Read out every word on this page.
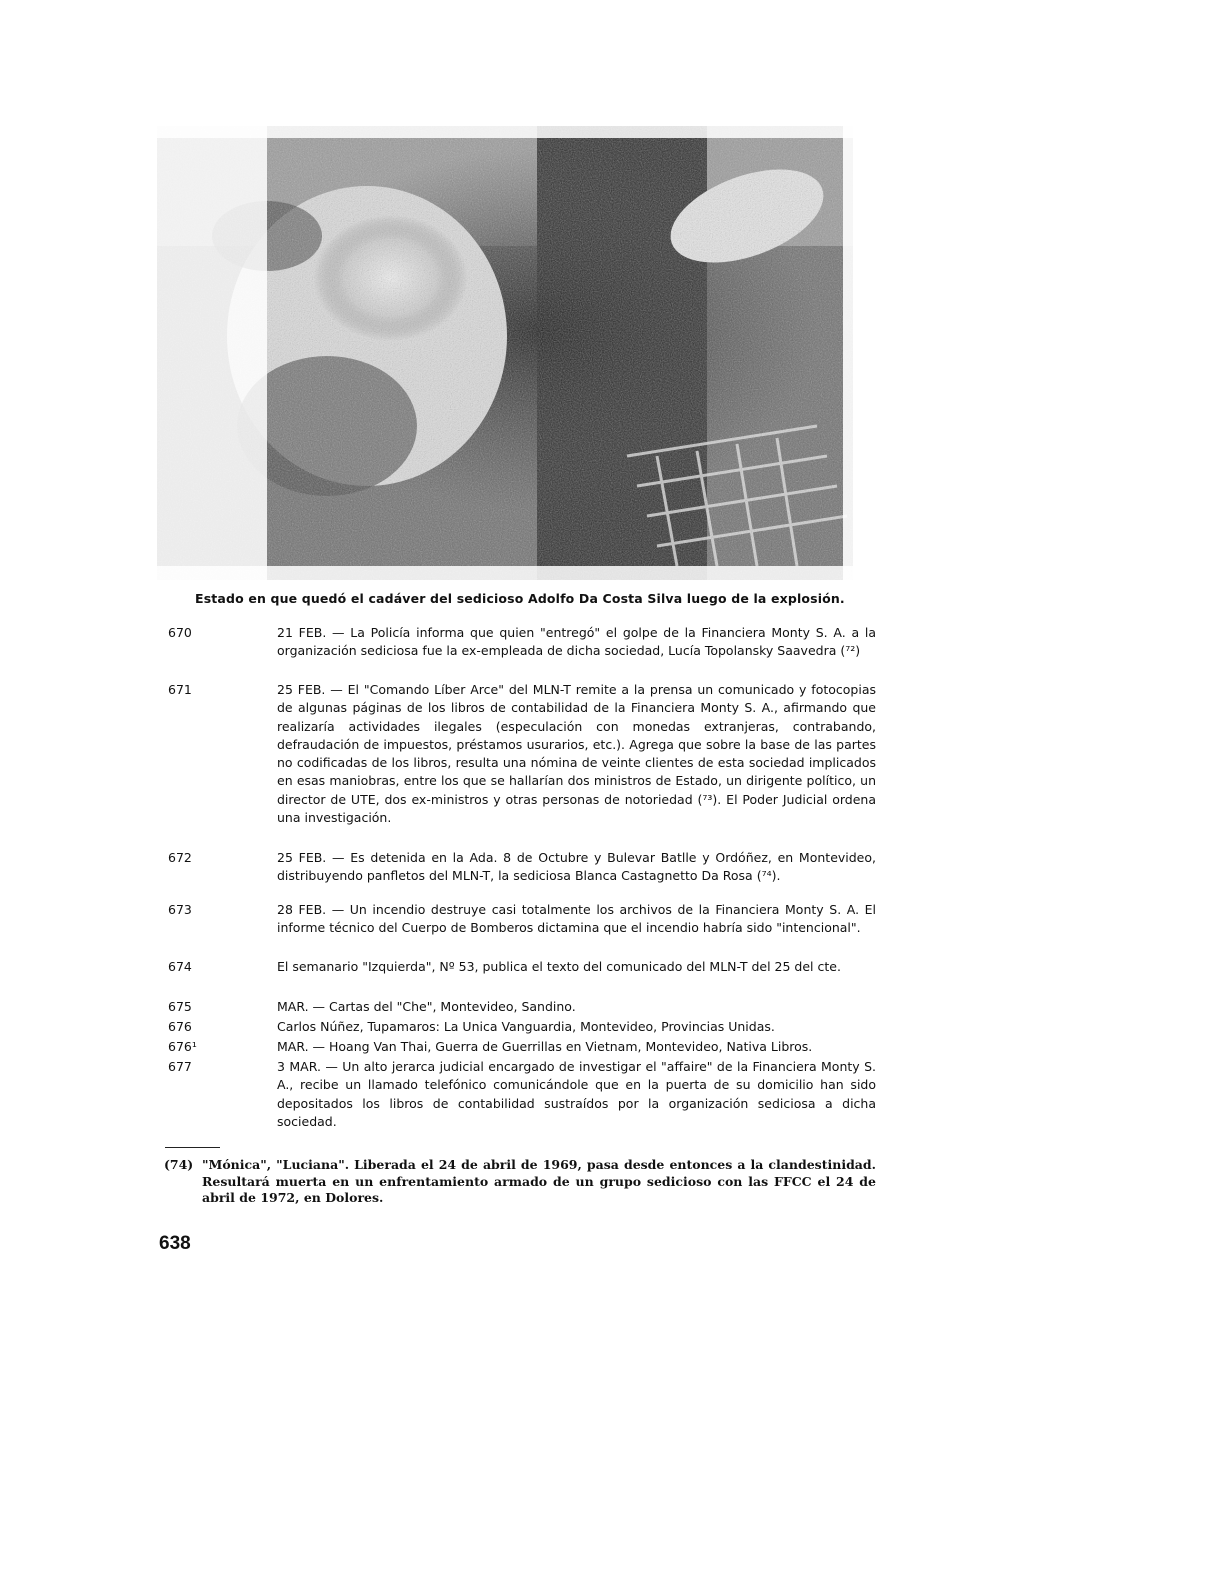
Estado en que quedó el cadáver del sedicioso Adolfo Da Costa Silva luego de la explosión.
670	21 FEB. — La Policía informa que quien "entregó" el golpe de la Financiera Monty S. A. a la organización sediciosa fue la ex-empleada de dicha sociedad, Lucía Topolansky Saavedra (⁷²)
671	25 FEB. — El "Comando Líber Arce" del MLN-T remite a la prensa un comunicado y fotocopias de algunas páginas de los libros de contabilidad de la Financiera Monty S. A., afirmando que realizaría actividades ilegales (especulación con monedas extranjeras, contrabando, defraudación de impuestos, préstamos usurarios, etc.). Agrega que sobre la base de las partes no codificadas de los libros, resulta una nómina de veinte clientes de esta sociedad implicados en esas maniobras, entre los que se hallarían dos ministros de Estado, un dirigente político, un director de UTE, dos ex-ministros y otras personas de notoriedad (⁷³). El Poder Judicial ordena una investigación.
672	25 FEB. — Es detenida en la Ada. 8 de Octubre y Bulevar Batlle y Ordóñez, en Montevideo, distribuyendo panfletos del MLN-T, la sediciosa Blanca Castagnetto Da Rosa (⁷⁴).
673	28 FEB. — Un incendio destruye casi totalmente los archivos de la Financiera Monty S. A. El informe técnico del Cuerpo de Bomberos dictamina que el incendio habría sido "intencional".
674	El semanario "Izquierda", Nº 53, publica el texto del comunicado del MLN-T del 25 del cte.
675	MAR. — Cartas del "Che", Montevideo, Sandino.
676	Carlos Núñez, Tupamaros: La Unica Vanguardia, Montevideo, Provincias Unidas.
676¹	MAR. — Hoang Van Thai, Guerra de Guerrillas en Vietnam, Montevideo, Nativa Libros.
677	3 MAR. — Un alto jerarca judicial encargado de investigar el "affaire" de la Financiera Monty S. A., recibe un llamado telefónico comunicándole que en la puerta de su domicilio han sido depositados los libros de contabilidad sustraídos por la organización sediciosa a dicha sociedad.
(74) "Mónica", "Luciana". Liberada el 24 de abril de 1969, pasa desde entonces a la clandestinidad. Resultará muerta en un enfrentamiento armado de un grupo sedicioso con las FFCC el 24 de abril de 1972, en Dolores.
638
